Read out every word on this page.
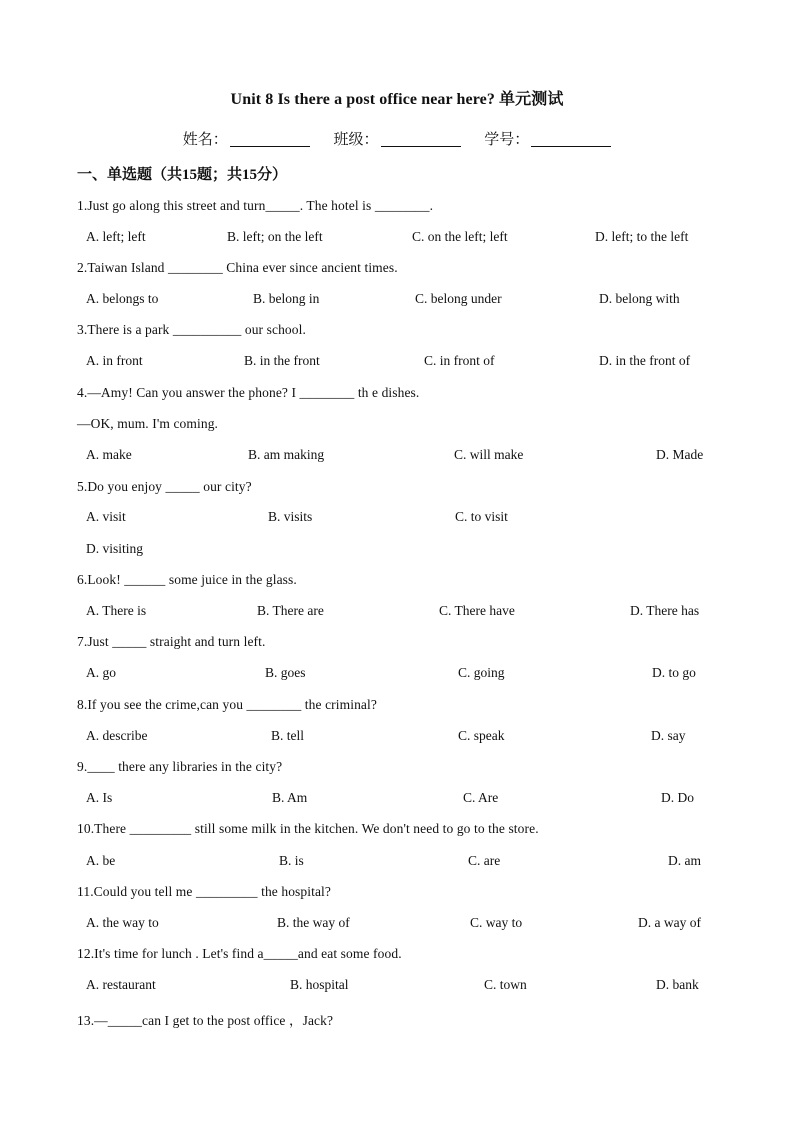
Unit 8 Is there a post office near here? 单元测试
姓名：	班级：	学号：
一、单选题（共15题；共15分）
1.Just go along this street and turn_____. The hotel is ________.
A. left; left	B. left; on the left	C. on the left; left	D. left; to the left
2.Taiwan Island ________ China ever since ancient times.
A. belongs to	B. belong in	C. belong under	D. belong with
3.There is a park __________ our school.
A. in front	B. in the front	C. in front of	D. in the front of
4.—Amy! Can you answer the phone? I ________ th e dishes.
—OK, mum. I'm coming.
A. make	B. am making	C. will make	D. Made
5.Do you enjoy _____ our city?
A. visit	B. visits	C. to visit
D. visiting
6.Look! ______ some juice in the glass.
A. There is	B. There are	C. There have	D. There has
7.Just _____ straight and turn left.
A. go	B. goes	C. going	D. to go
8.If you see the crime,can you ________ the criminal?
A. describe	B. tell	C. speak	D. say
9.____ there any libraries in the city?
A. Is	B. Am	C. Are	D. Do
10.There _________ still some milk in the kitchen. We don't need to go to the store.
A. be	B. is	C. are	D. am
11.Could you tell me _________ the hospital?
A. the way to	B. the way of	C. way to	D. a way of
12.It's time for lunch . Let's find a_____and eat some food.
A. restaurant	B. hospital	C. town	D. bank
13.—_____can I get to the post office ，Jack?
